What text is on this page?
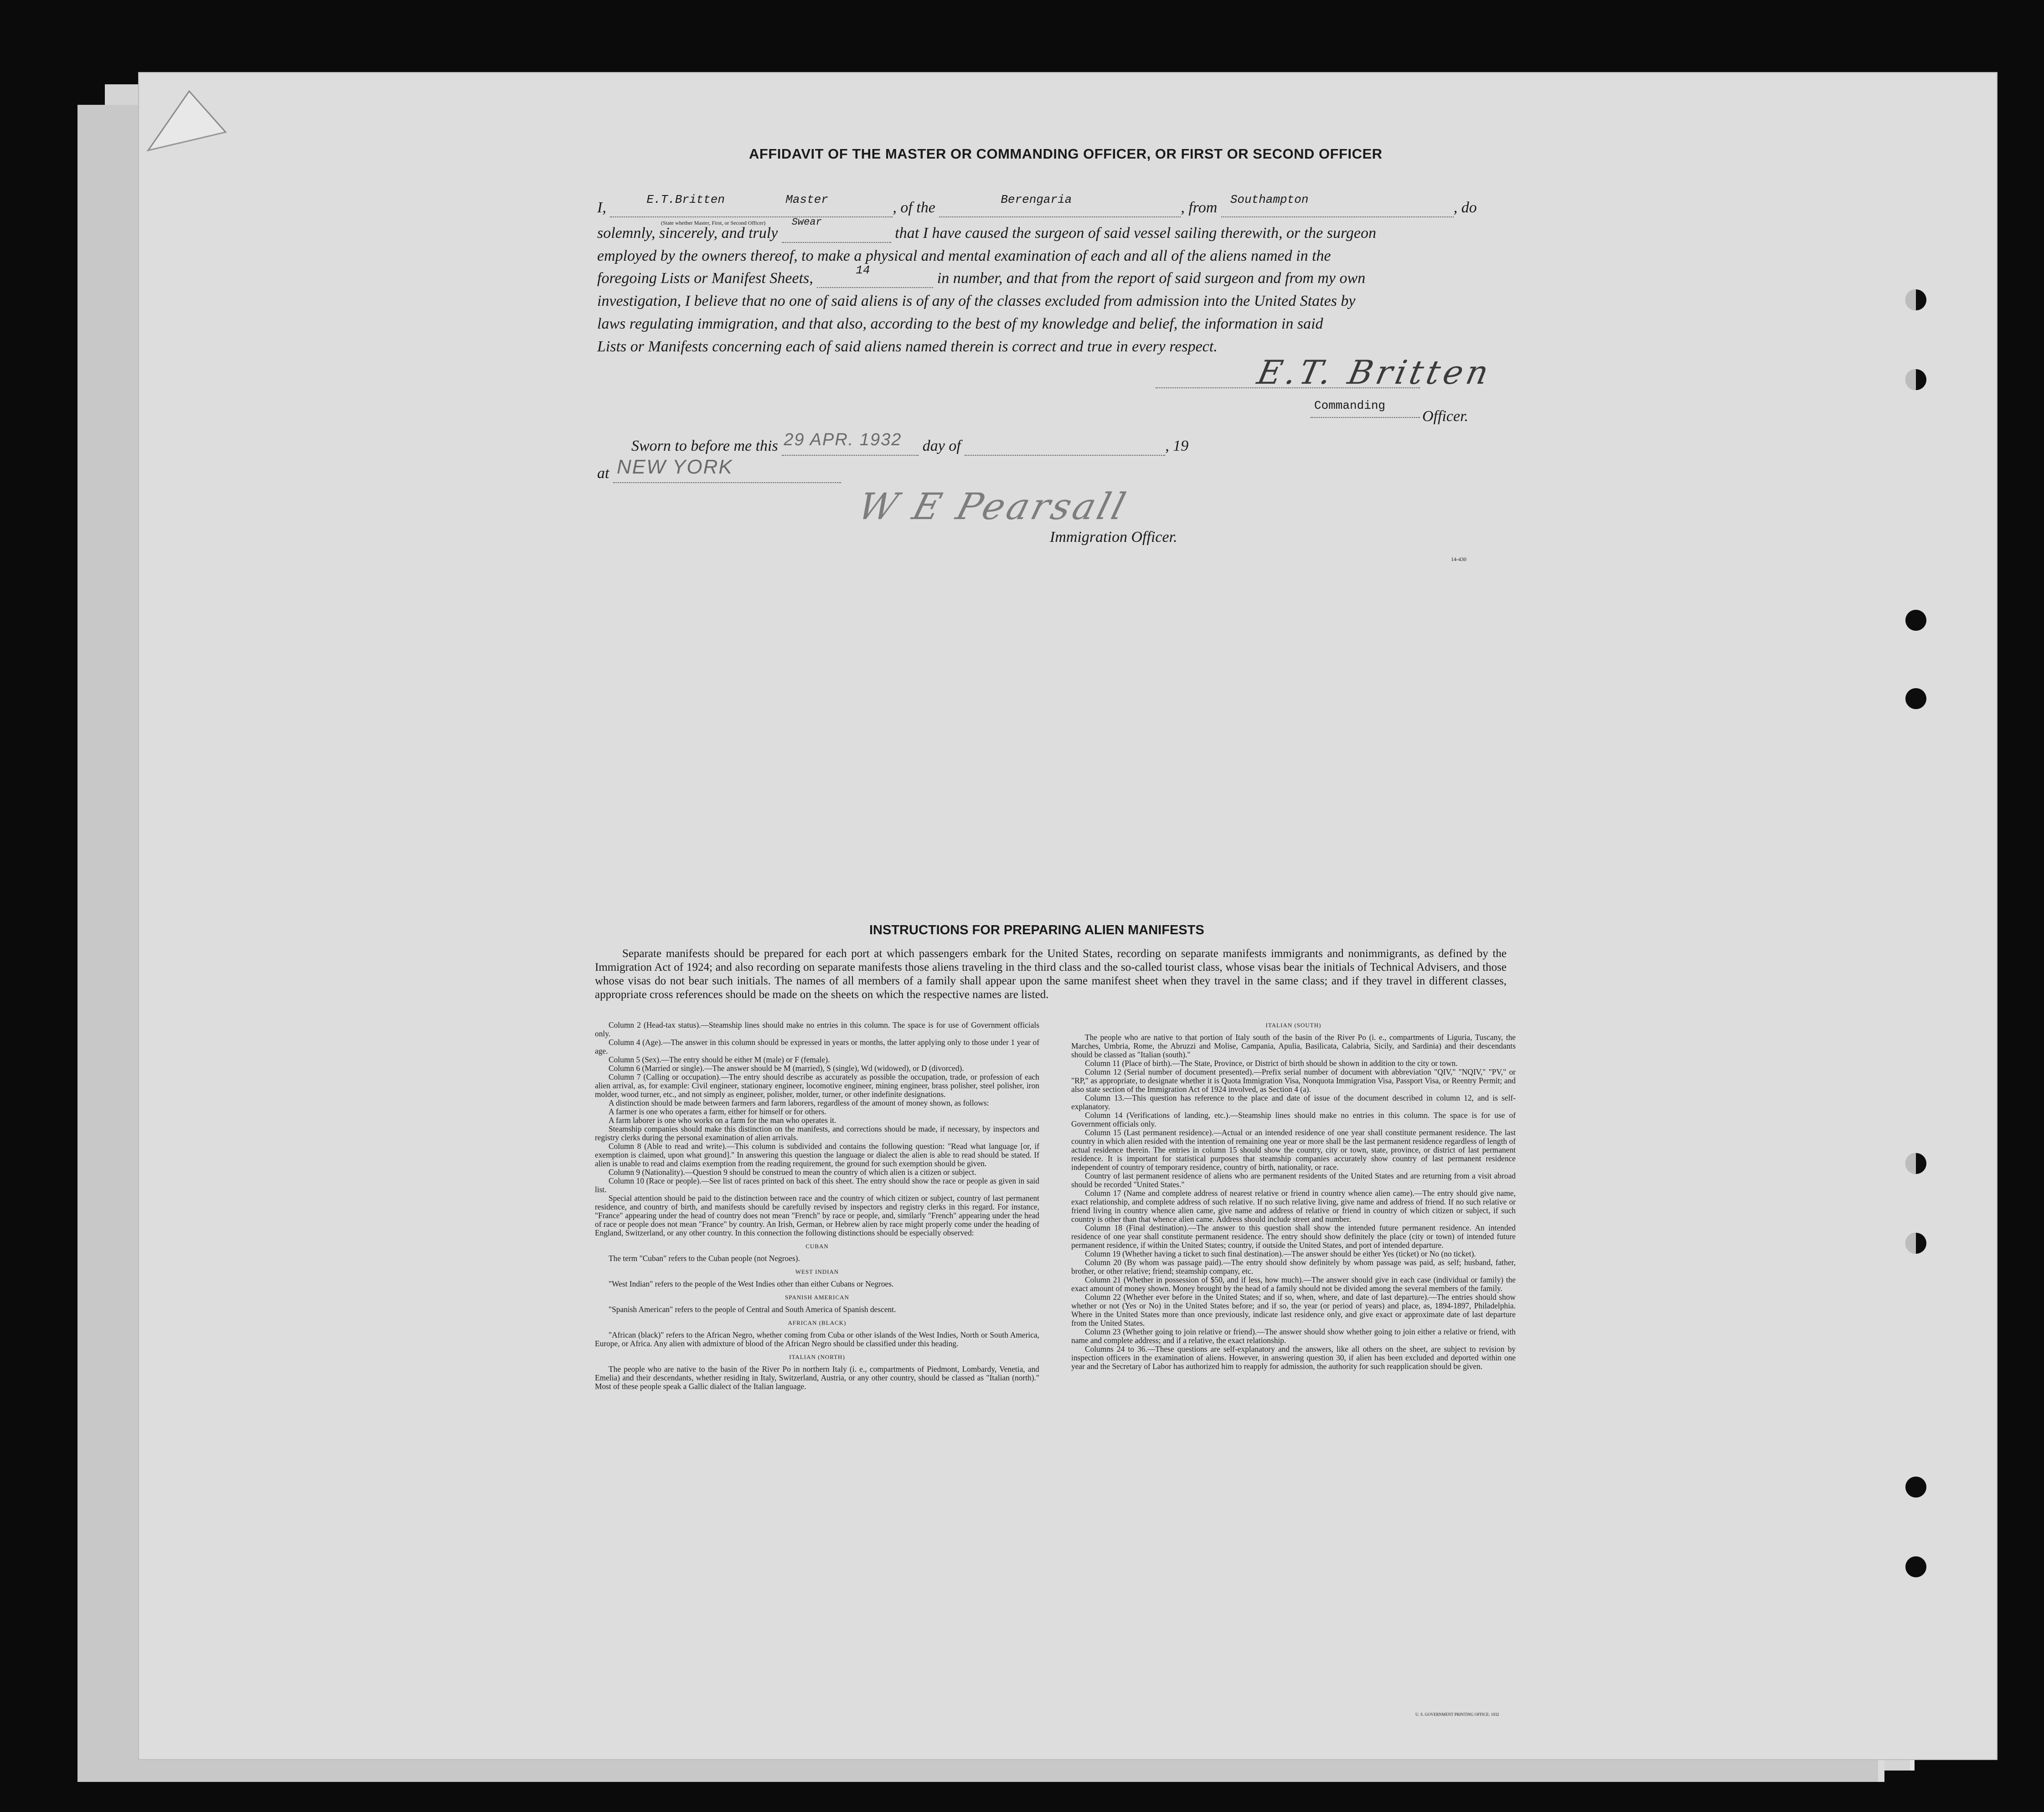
AFFIDAVIT OF THE MASTER OR COMMANDING OFFICER, OR FIRST OR SECOND OFFICER
I,	E.T.Britten	Master	, of the	Berengaria	, from Southampton	, do
(State whether Master, First, or Second Officer)
solemnly, sincerely, and truly
Swear
that I have caused the surgeon of said vessel sailing therewith, or the surgeon
employed by the owners thereof, to make a physical and mental examination of each and all of the aliens named in the
foregoing Lists or Manifest Sheets,	14	in number, and that from the report of said surgeon and from my own
investigation, I believe that no one of said aliens is of any of the classes excluded from admission into the United States by
laws regulating immigration, and that also, according to the best of my knowledge and belief, the information in said
Lists or Manifests concerning each of said aliens named therein is correct and true in every respect.
E.T. Britten
Commanding
Officer.
Sworn to before me this 29 APR. 1932 day of	, 19
at NEW YORK

W E Pearsall
Immigration Officer.
14-430
INSTRUCTIONS FOR PREPARING ALIEN MANIFESTS
Separate manifests should be prepared for each port at which passengers embark for the United States, recording on separate manifests immigrants and nonimmigrants, as defined by the Immigration Act of 1924; and also recording on separate manifests those aliens traveling in the third class and the so-called tourist class, whose visas bear the initials of Technical Advisers, and those whose visas do not bear such initials. The names of all members of a family shall appear upon the same manifest sheet when they travel in the same class; and if they travel in different classes, appropriate cross references should be made on the sheets on which the respective names are listed.

Column 2 (Head-tax status).—Steamship lines should make no entries in this column. The space is for use of Government officials only.

Column 4 (Age).—The answer in this column should be expressed in years or months, the latter applying only to those under 1 year of age.

Column 5 (Sex).—The entry should be either M (male) or F (female).

Column 6 (Married or single).—The answer should be M (married), S (single), Wd (widowed), or D (divorced).

Column 7 (Calling or occupation).—The entry should describe as accurately as possible the occupation, trade, or profession of each alien arrival, as, for example: Civil engineer, stationary engineer, locomotive engineer, mining engineer, brass polisher, steel polisher, iron molder, wood turner, etc., and not simply as engineer, polisher, molder, turner, or other indefinite designations.

A distinction should be made between farmers and farm laborers, regardless of the amount of money shown, as follows:

A farmer is one who operates a farm, either for himself or for others.

A farm laborer is one who works on a farm for the man who operates it.

Steamship companies should make this distinction on the manifests, and corrections should be made, if necessary, by inspectors and registry clerks during the personal examination of alien arrivals.

Column 8 (Able to read and write).—This column is subdivided and contains the following question: "Read what language [or, if exemption is claimed, upon what ground]." In answering this question the language or dialect the alien is able to read should be stated. If alien is unable to read and claims exemption from the reading requirement, the ground for such exemption should be given.

Column 9 (Nationality).—Question 9 should be construed to mean the country of which alien is a citizen or subject.

Column 10 (Race or people).—See list of races printed on back of this sheet. The entry should show the race or people as given in said list.

Special attention should be paid to the distinction between race and the country of which citizen or subject, country of last permanent residence, and country of birth, and manifests should be carefully revised by inspectors and registry clerks in this regard. For instance, "France" appearing under the head of country does not mean "French" by race or people, and, similarly "French" appearing under the head of race or people does not mean "France" by country. An Irish, German, or Hebrew alien by race might properly come under the heading of England, Switzerland, or any other country. In this connection the following distinctions should be especially observed:

CUBAN

The term "Cuban" refers to the Cuban people (not Negroes).

WEST INDIAN

"West Indian" refers to the people of the West Indies other than either Cubans or Negroes.

SPANISH AMERICAN

"Spanish American" refers to the people of Central and South America of Spanish descent.

AFRICAN (BLACK)

"African (black)" refers to the African Negro, whether coming from Cuba or other islands of the West Indies, North or South America, Europe, or Africa. Any alien with admixture of blood of the African Negro should be classified under this heading.

ITALIAN (NORTH)

The people who are native to the basin of the River Po in northern Italy (i. e., compartments of Piedmont, Lombardy, Venetia, and Emelia) and their descendants, whether residing in Italy, Switzerland, Austria, or any other country, should be classed as "Italian (north)." Most of these people speak a Gallic dialect of the Italian language.

ITALIAN (SOUTH)

The people who are native to that portion of Italy south of the basin of the River Po (i. e., compartments of Liguria, Tuscany, the Marches, Umbria, Rome, the Abruzzi and Molise, Campania, Apulia, Basilicata, Calabria, Sicily, and Sardinia) and their descendants should be classed as "Italian (south)."

Column 11 (Place of birth).—The State, Province, or District of birth should be shown in addition to the city or town.

Column 12 (Serial number of document presented).—Prefix serial number of document with abbreviation "QIV," "NQIV," "PV," or "RP," as appropriate, to designate whether it is Quota Immigration Visa, Nonquota Immigration Visa, Passport Visa, or Reentry Permit; and also state section of the Immigration Act of 1924 involved, as Section 4 (a).

Column 13.—This question has reference to the place and date of issue of the document described in column 12, and is self-explanatory.

Column 14 (Verifications of landing, etc.).—Steamship lines should make no entries in this column. The space is for use of Government officials only.

Column 15 (Last permanent residence).—Actual or an intended residence of one year shall constitute permanent residence. The last country in which alien resided with the intention of remaining one year or more shall be the last permanent residence regardless of length of actual residence therein. The entries in column 15 should show the country, city or town, state, province, or district of last permanent residence. It is important for statistical purposes that steamship companies accurately show country of last permanent residence independent of country of temporary residence, country of birth, nationality, or race.

Country of last permanent residence of aliens who are permanent residents of the United States and are returning from a visit abroad should be recorded "United States."

Column 17 (Name and complete address of nearest relative or friend in country whence alien came).—The entry should give name, exact relationship, and complete address of such relative. If no such relative living, give name and address of friend. If no such relative or friend living in country whence alien came, give name and address of relative or friend in country of which citizen or subject, if such country is other than that whence alien came. Address should include street and number.

Column 18 (Final destination).—The answer to this question shall show the intended future permanent residence. An intended residence of one year shall constitute permanent residence. The entry should show definitely the place (city or town) of intended future permanent residence, if within the United States; country, if outside the United States, and port of intended departure.

Column 19 (Whether having a ticket to such final destination).—The answer should be either Yes (ticket) or No (no ticket).

Column 20 (By whom was passage paid).—The entry should show definitely by whom passage was paid, as self; husband, father, brother, or other relative; friend; steamship company, etc.

Column 21 (Whether in possession of $50, and if less, how much).—The answer should give in each case (individual or family) the exact amount of money shown. Money brought by the head of a family should not be divided among the several members of the family.

Column 22 (Whether ever before in the United States; and if so, when, where, and date of last departure).—The entries should show whether or not (Yes or No) in the United States before; and if so, the year (or period of years) and place, as, 1894-1897, Philadelphia. Where in the United States more than once previously, indicate last residence only, and give exact or approximate date of last departure from the United States.

Column 23 (Whether going to join relative or friend).—The answer should show whether going to join either a relative or friend, with name and complete address; and if a relative, the exact relationship.

Columns 24 to 36.—These questions are self-explanatory and the answers, like all others on the sheet, are subject to revision by inspection officers in the examination of aliens. However, in answering question 30, if alien has been excluded and deported within one year and the Secretary of Labor has authorized him to reapply for admission, the authority for such reapplication should be given.

U. S. GOVERNMENT PRINTING OFFICE: 1932
